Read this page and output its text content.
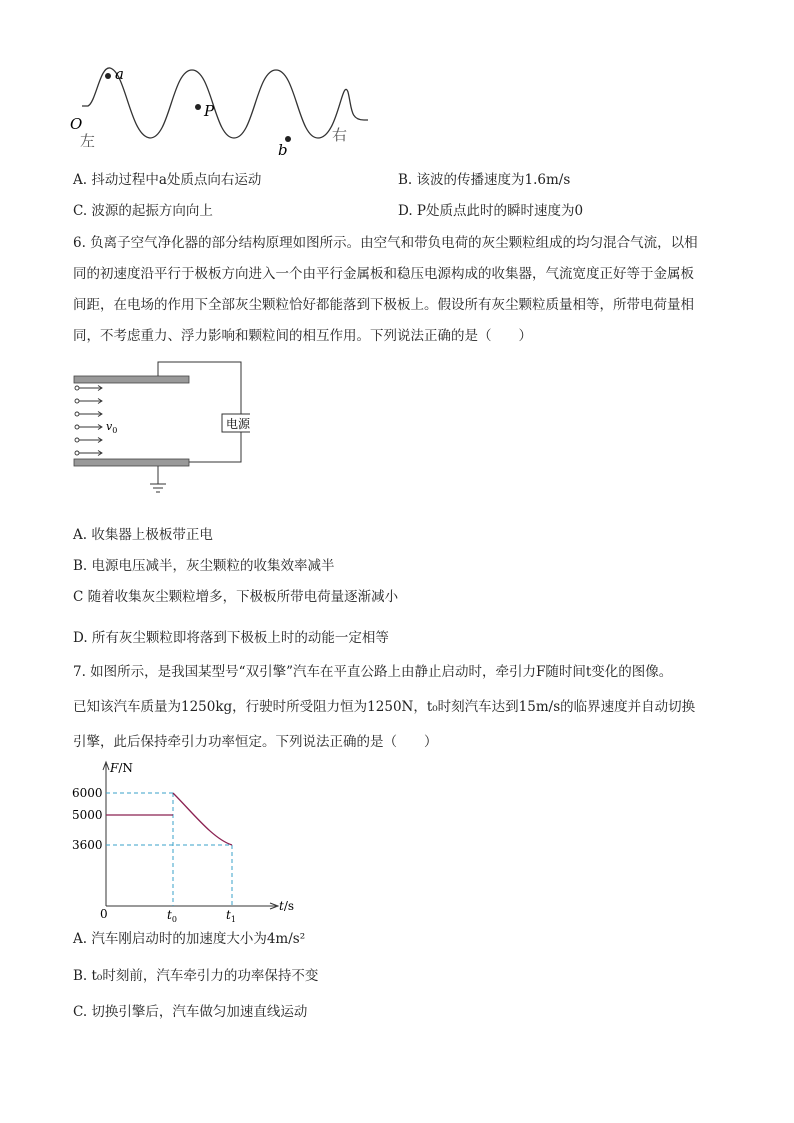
a
P
b
O
左	右
A. 抖动过程中a处质点向右运动	B. 该波的传播速度为1.6m/s
C. 波源的起振方向向上	D. P处质点此时的瞬时速度为0
6. 负离子空气净化器的部分结构原理如图所示。由空气和带负电荷的灰尘颗粒组成的均匀混合气流，以相
同的初速度沿平行于极板方向进入一个由平行金属板和稳压电源构成的收集器，气流宽度正好等于金属板
间距，在电场的作用下全部灰尘颗粒恰好都能落到下极板上。假设所有灰尘颗粒质量相等，所带电荷量相
同，不考虑重力、浮力影响和颗粒间的相互作用。下列说法正确的是（　　）
电源
$v_0$
A. 收集器上极板带正电
B. 电源电压减半，灰尘颗粒的收集效率减半
C 随着收集灰尘颗粒增多，下极板所带电荷量逐渐减小
D. 所有灰尘颗粒即将落到下极板上时的动能一定相等
7. 如图所示，是我国某型号“双引擎”汽车在平直公路上由静止启动时，牵引力F随时间t变化的图像。
已知该汽车质量为1250kg，行驶时所受阻力恒为1250N，t₀时刻汽车达到15m/s的临界速度并自动切换
引擎，此后保持牵引力功率恒定。下列说法正确的是（　　）
F/N
6000
5000
3600
0	$t_0$	$t_1$
t/s
A. 汽车刚启动时的加速度大小为4m/s²
B. t₀时刻前，汽车牵引力的功率保持不变
C. 切换引擎后，汽车做匀加速直线运动
